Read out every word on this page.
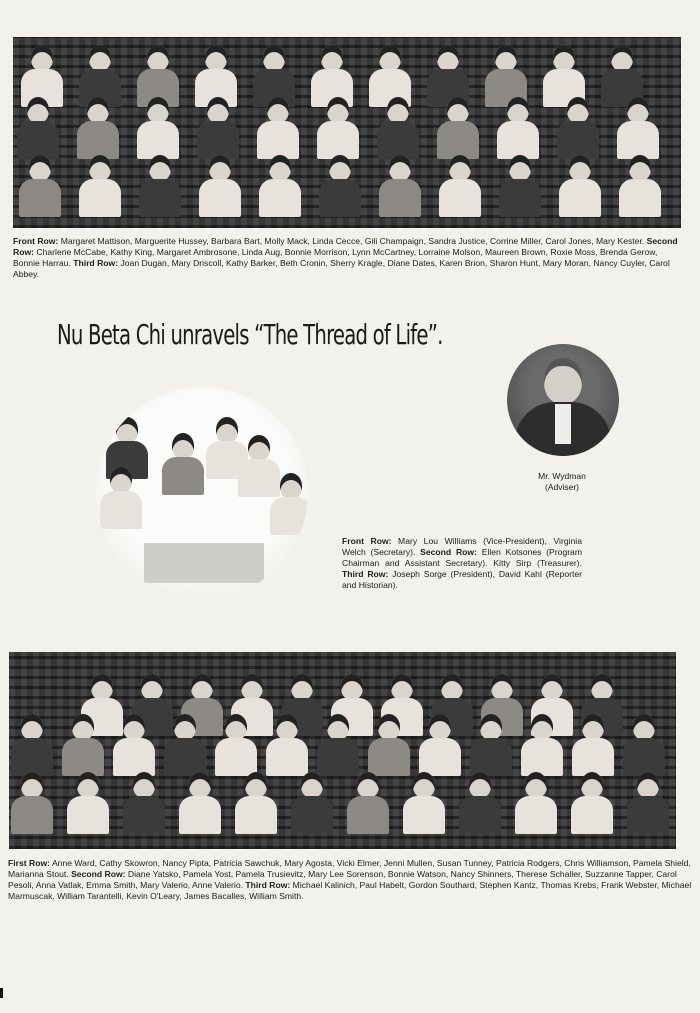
Front Row: Margaret Mattison, Marguerite Hussey, Barbara Bart, Molly Mack, Linda Cecce, Gili Champaign, Sandra Justice, Corrine Miller, Carol Jones, Mary Kester. Second Row: Charlene McCabe, Kathy King, Margaret Ambrosone, Linda Aug, Bonnie Morrison, Lynn McCartney, Lorraine Molson, Maureen Brown, Roxie Moss, Brenda Gerow, Bonnie Harrau. Third Row: Joan Dugan, Mary Driscoll, Kathy Barker, Beth Cronin, Sherry Kragle, Diane Dates, Karen Brion, Sharon Hunt, Mary Moran, Nancy Cuyler, Carol Abbey.
Nu Beta Chi unravels “The Thread of Life”.
Mr. Wydman
(Adviser)
Front Row: Mary Lou Williams (Vice-President), Virginia Welch (Secretary). Second Row: Ellen Kotsones (Program Chairman and Assistant Secretary). Kitty Sirp (Treasurer). Third Row: Joseph Sorge (President), David Kahl (Reporter and Historian).
First Row: Anne Ward, Cathy Skowron, Nancy Pipta, Patricia Sawchuk, Mary Agosta, Vicki Elmer, Jenni Mullen, Susan Tunney, Patricia Rodgers, Chris Williamson, Pamela Shield, Marianna Stout. Second Row: Diane Yatsko, Pamela Yost, Pamela Trusievitz, Mary Lee Sorenson, Bonnie Watson, Nancy Shinners, Therese Schaller, Suzzanne Tapper, Carol Pesoli, Anna Vatlak, Emma Smith, Mary Valerio, Anne Valerio. Third Row: Michael Kalinich, Paul Habelt, Gordon Southard, Stephen Kantz, Thomas Krebs, Frank Webster, Michael Marmuscak, William Tarantelli, Kevin O'Leary, James Bacalles, William Smith.
